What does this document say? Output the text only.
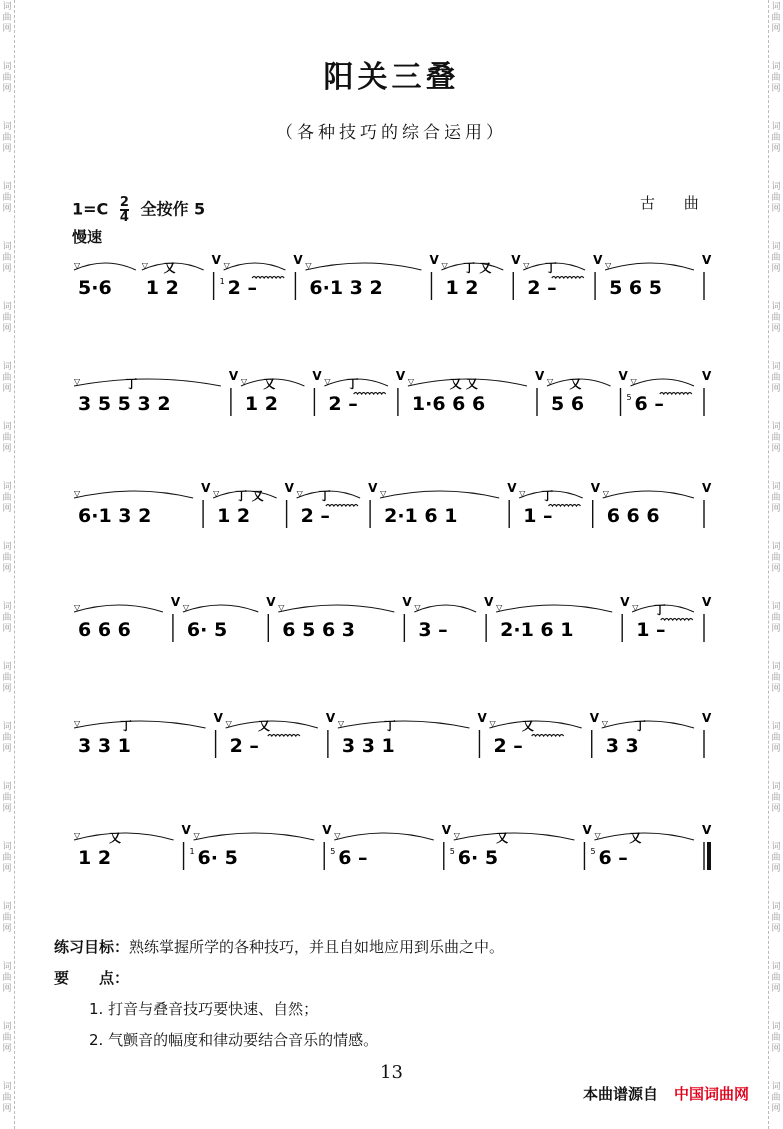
词
曲
网
词
曲
网
词
曲
网
词
曲
网
词
曲
网
词
曲
网
词
曲
网
词
曲
网
词
曲
网
词
曲
网
词
曲
网
词
曲
网
词
曲
网
词
曲
网
词
曲
网
词
曲
网
词
曲
网
词
曲
网
词
曲
网
词
曲
网
词
曲
网
词
曲
网
词
曲
网
词
曲
网
词
曲
网
词
曲
网
词
曲
网
词
曲
网
词
曲
网
词
曲
网
词
曲
网
词
曲
网
词
曲
网
词
曲
网
词
曲
网
词
曲
网
词
曲
网
词
曲
网
阳关三叠
（各种技巧的综合运用）
$1=C \frac{2}{4}$ 全按作 5
慢速
古 曲
▽
5·6
▽ 又
1 2
V ▽
1 2 –
V ▽
6·1 3 2
V ▽ 丁 又
1 2
V ▽ 丁
2 –
V ▽
5 6 5
V
▽	丁
3 5 5 3 2
V ▽ 又
1 2
V ▽ 丁
2 –
V ▽	又 又
1·6 6 6
V ▽ 又
5 6
V ▽
5 6 –
V
▽
6·1 3 2
V ▽ 丁 又
1 2
V ▽ 丁
2 –
V ▽
2·1 6 1
V ▽ 丁
1 –
V ▽
6 6 6
V
▽
6 6 6
V ▽
6· 5
V ▽
6 5 6 3
V ▽
3 –
V ▽
2·1 6 1
V ▽ 丁
1 –
V
▽	丁
3 3 1
V ▽ 又
2 –
V ▽	丁
3 3 1
V ▽ 又
2 –
V ▽ 丁
3 3
V
▽ 又
1 2
V ▽
1 6· 5
V ▽
5 6 –
V ▽	又
5 6· 5
V ▽ 又
5 6 –
V
练习目标：熟练掌握所学的各种技巧，并且自如地应用到乐曲之中。
要　　点：
1. 打音与叠音技巧要快速、自然；
2. 气颤音的幅度和律动要结合音乐的情感。
13
本曲谱源自 中国词曲网
